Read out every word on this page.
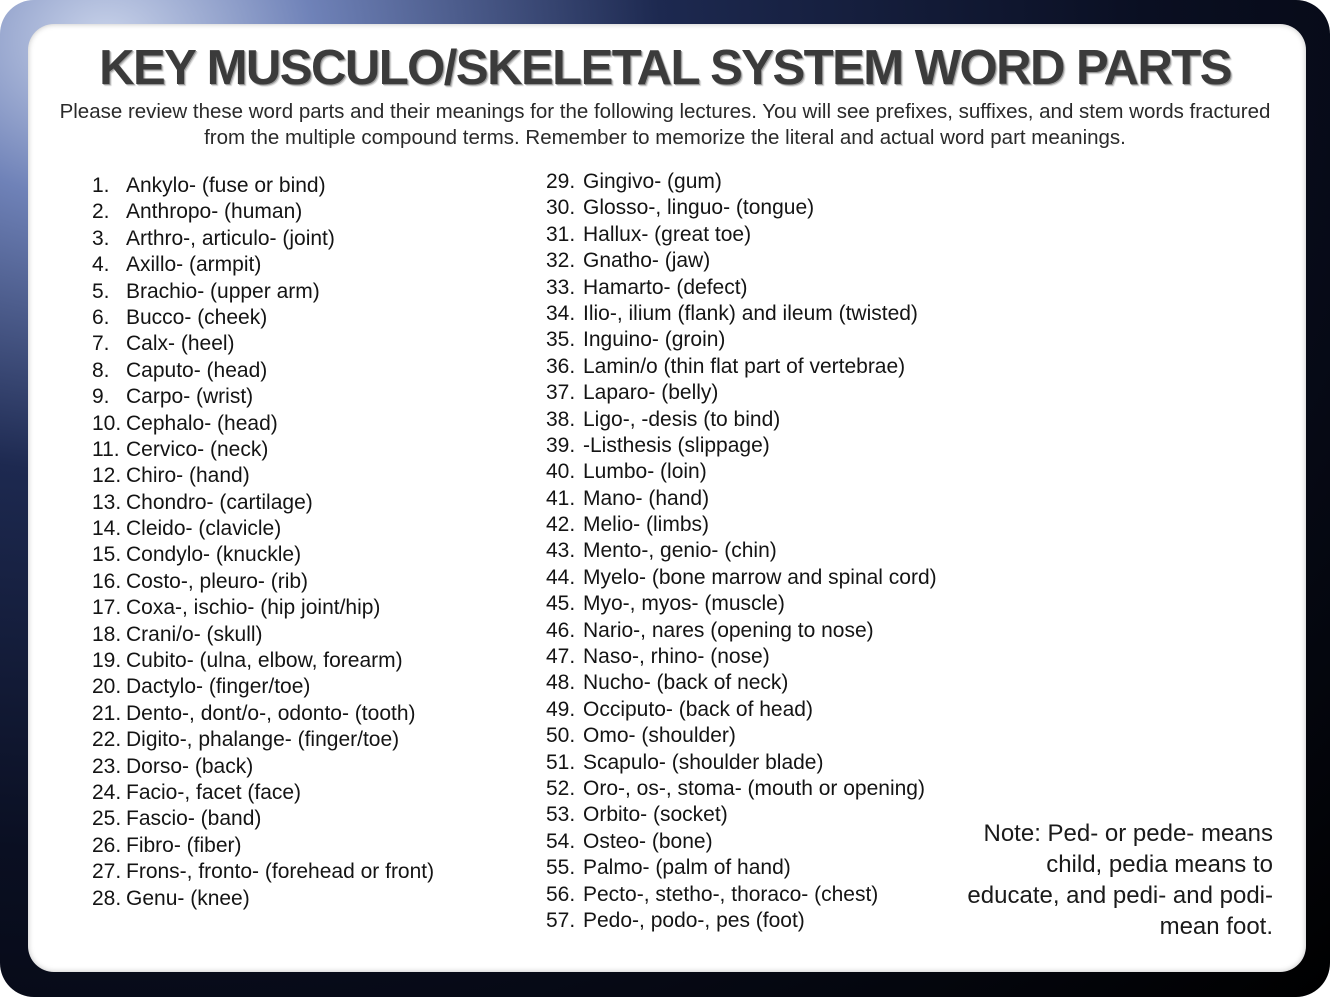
KEY MUSCULO/SKELETAL SYSTEM WORD PARTS
Please review these word parts and their meanings for the following lectures. You will see prefixes, suffixes, and stem words fractured from the multiple compound terms. Remember to memorize the literal and actual word part meanings.
1. Ankylo- (fuse or bind)
2. Anthropo- (human)
3. Arthro-, articulo- (joint)
4. Axillo- (armpit)
5. Brachio- (upper arm)
6. Bucco- (cheek)
7. Calx- (heel)
8. Caputo- (head)
9. Carpo- (wrist)
10. Cephalo- (head)
11. Cervico- (neck)
12. Chiro- (hand)
13. Chondro- (cartilage)
14. Cleido- (clavicle)
15. Condylo- (knuckle)
16. Costo-, pleuro- (rib)
17. Coxa-, ischio- (hip joint/hip)
18. Crani/o- (skull)
19. Cubito- (ulna, elbow, forearm)
20. Dactylo- (finger/toe)
21. Dento-, dont/o-, odonto- (tooth)
22. Digito-, phalange- (finger/toe)
23. Dorso- (back)
24. Facio-, facet (face)
25. Fascio- (band)
26. Fibro- (fiber)
27. Frons-, fronto- (forehead or front)
28. Genu- (knee)
29. Gingivo- (gum)
30. Glosso-, linguo- (tongue)
31. Hallux- (great toe)
32. Gnatho- (jaw)
33. Hamarto- (defect)
34. Ilio-, ilium (flank) and ileum (twisted)
35. Inguino- (groin)
36. Lamin/o (thin flat part of vertebrae)
37. Laparo- (belly)
38. Ligo-, -desis (to bind)
39. -Listhesis (slippage)
40. Lumbo- (loin)
41. Mano- (hand)
42. Melio- (limbs)
43. Mento-, genio- (chin)
44. Myelo- (bone marrow and spinal cord)
45. Myo-, myos- (muscle)
46. Nario-, nares (opening to nose)
47. Naso-, rhino- (nose)
48. Nucho- (back of neck)
49. Occiputo- (back of head)
50. Omo- (shoulder)
51. Scapulo- (shoulder blade)
52. Oro-, os-, stoma- (mouth or opening)
53. Orbito- (socket)
54. Osteo- (bone)
55. Palmo- (palm of hand)
56. Pecto-, stetho-, thoraco- (chest)
57. Pedo-, podo-, pes (foot)
Note: Ped- or pede- means child, pedia means to educate, and pedi- and podi- mean foot.
